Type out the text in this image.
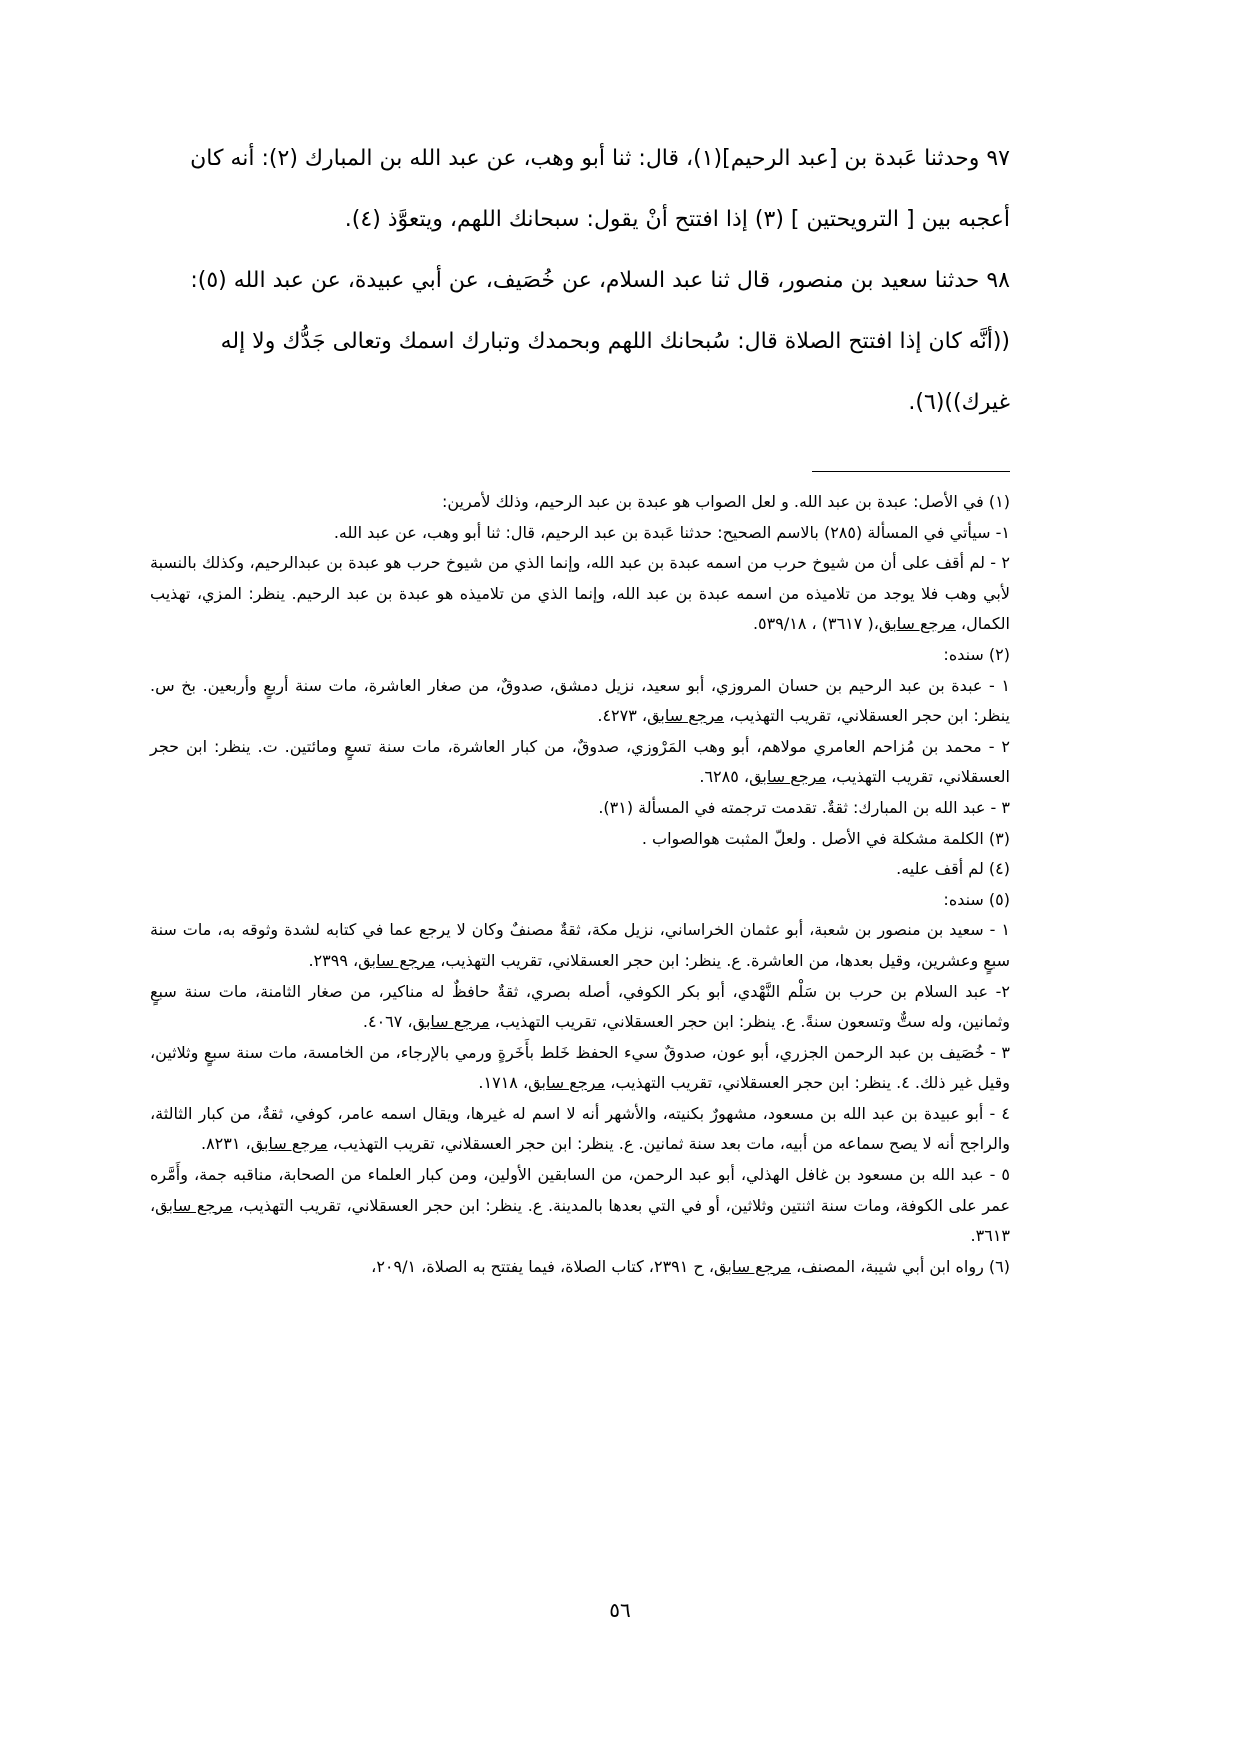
٩٧ وحدثنا عَبدة بن [عبد الرحيم](١)، قال: ثنا أبو وهب، عن عبد الله بن المبارك (٢): أنه كان

أعجبه بين [ الترويحتين ] (٣) إذا افتتح أنْ يقول: سبحانك اللهم، ويتعوَّذ (٤).

٩٨ حدثنا سعيد بن منصور، قال ثنا عبد السلام، عن خُصَيف، عن أبي عبيدة، عن عبد الله (٥):

((أنَّه كان إذا افتتح الصلاة قال: سُبحانك اللهم وبحمدك وتبارك اسمك وتعالى جَدُّك ولا إله

غيرك))(٦).

(١) في الأصل: عبدة بن عبد الله. و لعل الصواب هو عبدة بن عبد الرحيم، وذلك لأمرين:

١- سيأتي في المسألة (٢٨٥) بالاسم الصحيح: حدثنا عَبدة بن عبد الرحيم، قال: ثنا أبو وهب، عن عبد الله.

٢ - لم أقف على أن من شيوخ حرب من اسمه عبدة بن عبد الله، وإنما الذي من شيوخ حرب هو عبدة بن عبدالرحيم، وكذلك بالنسبة لأبي وهب فلا يوجد من تلاميذه من اسمه عبدة بن عبد الله، وإنما الذي من تلاميذه هو عبدة بن عبد الرحيم. ينظر: المزي، تهذيب الكمال، مرجع سابق،( ٣٦١٧) ، ٥٣٩/١٨.

(٢) سنده:

١ - عبدة بن عبد الرحيم بن حسان المروزي، أبو سعيد، نزيل دمشق، صدوقٌ، من صغار العاشرة، مات سنة أربعٍ وأربعين. بخ س. ينظر: ابن حجر العسقلاني، تقريب التهذيب، مرجع سابق، ٤٢٧٣.

٢ - محمد بن مُزاحم العامري مولاهم، أبو وهب المَرْوزي، صدوقٌ، من كبار العاشرة، مات سنة تسعٍ ومائتين. ت. ينظر: ابن حجر العسقلاني، تقريب التهذيب، مرجع سابق، ٦٢٨٥.

٣ - عبد الله بن المبارك: ثقةٌ. تقدمت ترجمته في المسألة (٣١).

(٣) الكلمة مشكلة في الأصل . ولعلّ المثبت هوالصواب .

(٤) لم أقف عليه.

(٥) سنده:

١ - سعيد بن منصور بن شعبة، أبو عثمان الخراساني، نزيل مكة، ثقةٌ مصنفٌ وكان لا يرجع عما في كتابه لشدة وثوقه به، مات سنة سبعٍ وعشرين، وقيل بعدها، من العاشرة. ع. ينظر: ابن حجر العسقلاني، تقريب التهذيب، مرجع سابق، ٢٣٩٩.

٢- عبد السلام بن حرب بن سَلْم النَّهْدي، أبو بكر الكوفي، أصله بصري، ثقةٌ حافظٌ له مناكير، من صغار الثامنة، مات سنة سبعٍ وثمانين، وله ستٌّ وتسعون سنةً. ع. ينظر: ابن حجر العسقلاني، تقريب التهذيب، مرجع سابق، ٤٠٦٧.

٣ - خُصَيف بن عبد الرحمن الجزري، أبو عون، صدوقٌ سيء الحفظ خَلط بأَخَرةٍ ورمي بالإرجاء، من الخامسة، مات سنة سبعٍ وثلاثين، وقيل غير ذلك. ٤. ينظر: ابن حجر العسقلاني، تقريب التهذيب، مرجع سابق، ١٧١٨.

٤ - أبو عبيدة بن عبد الله بن مسعود، مشهورٌ بكنيته، والأشهر أنه لا اسم له غيرها، ويقال اسمه عامر، كوفي، ثقةٌ، من كبار الثالثة، والراجح أنه لا يصح سماعه من أبيه، مات بعد سنة ثمانين. ع. ينظر: ابن حجر العسقلاني، تقريب التهذيب، مرجع سابق، ٨٢٣١.

٥ - عبد الله بن مسعود بن غافل الهذلي، أبو عبد الرحمن، من السابقين الأولين، ومن كبار العلماء من الصحابة، مناقبه جمة، وأَمَّره عمر على الكوفة، ومات سنة اثنتين وثلاثين، أو في التي بعدها بالمدينة. ع. ينظر: ابن حجر العسقلاني، تقريب التهذيب، مرجع سابق، ٣٦١٣.

(٦) رواه ابن أبي شيبة، المصنف، مرجع سابق، ح ٢٣٩١، كتاب الصلاة، فيما يفتتح به الصلاة، ٢٠٩/١،

٥٦
